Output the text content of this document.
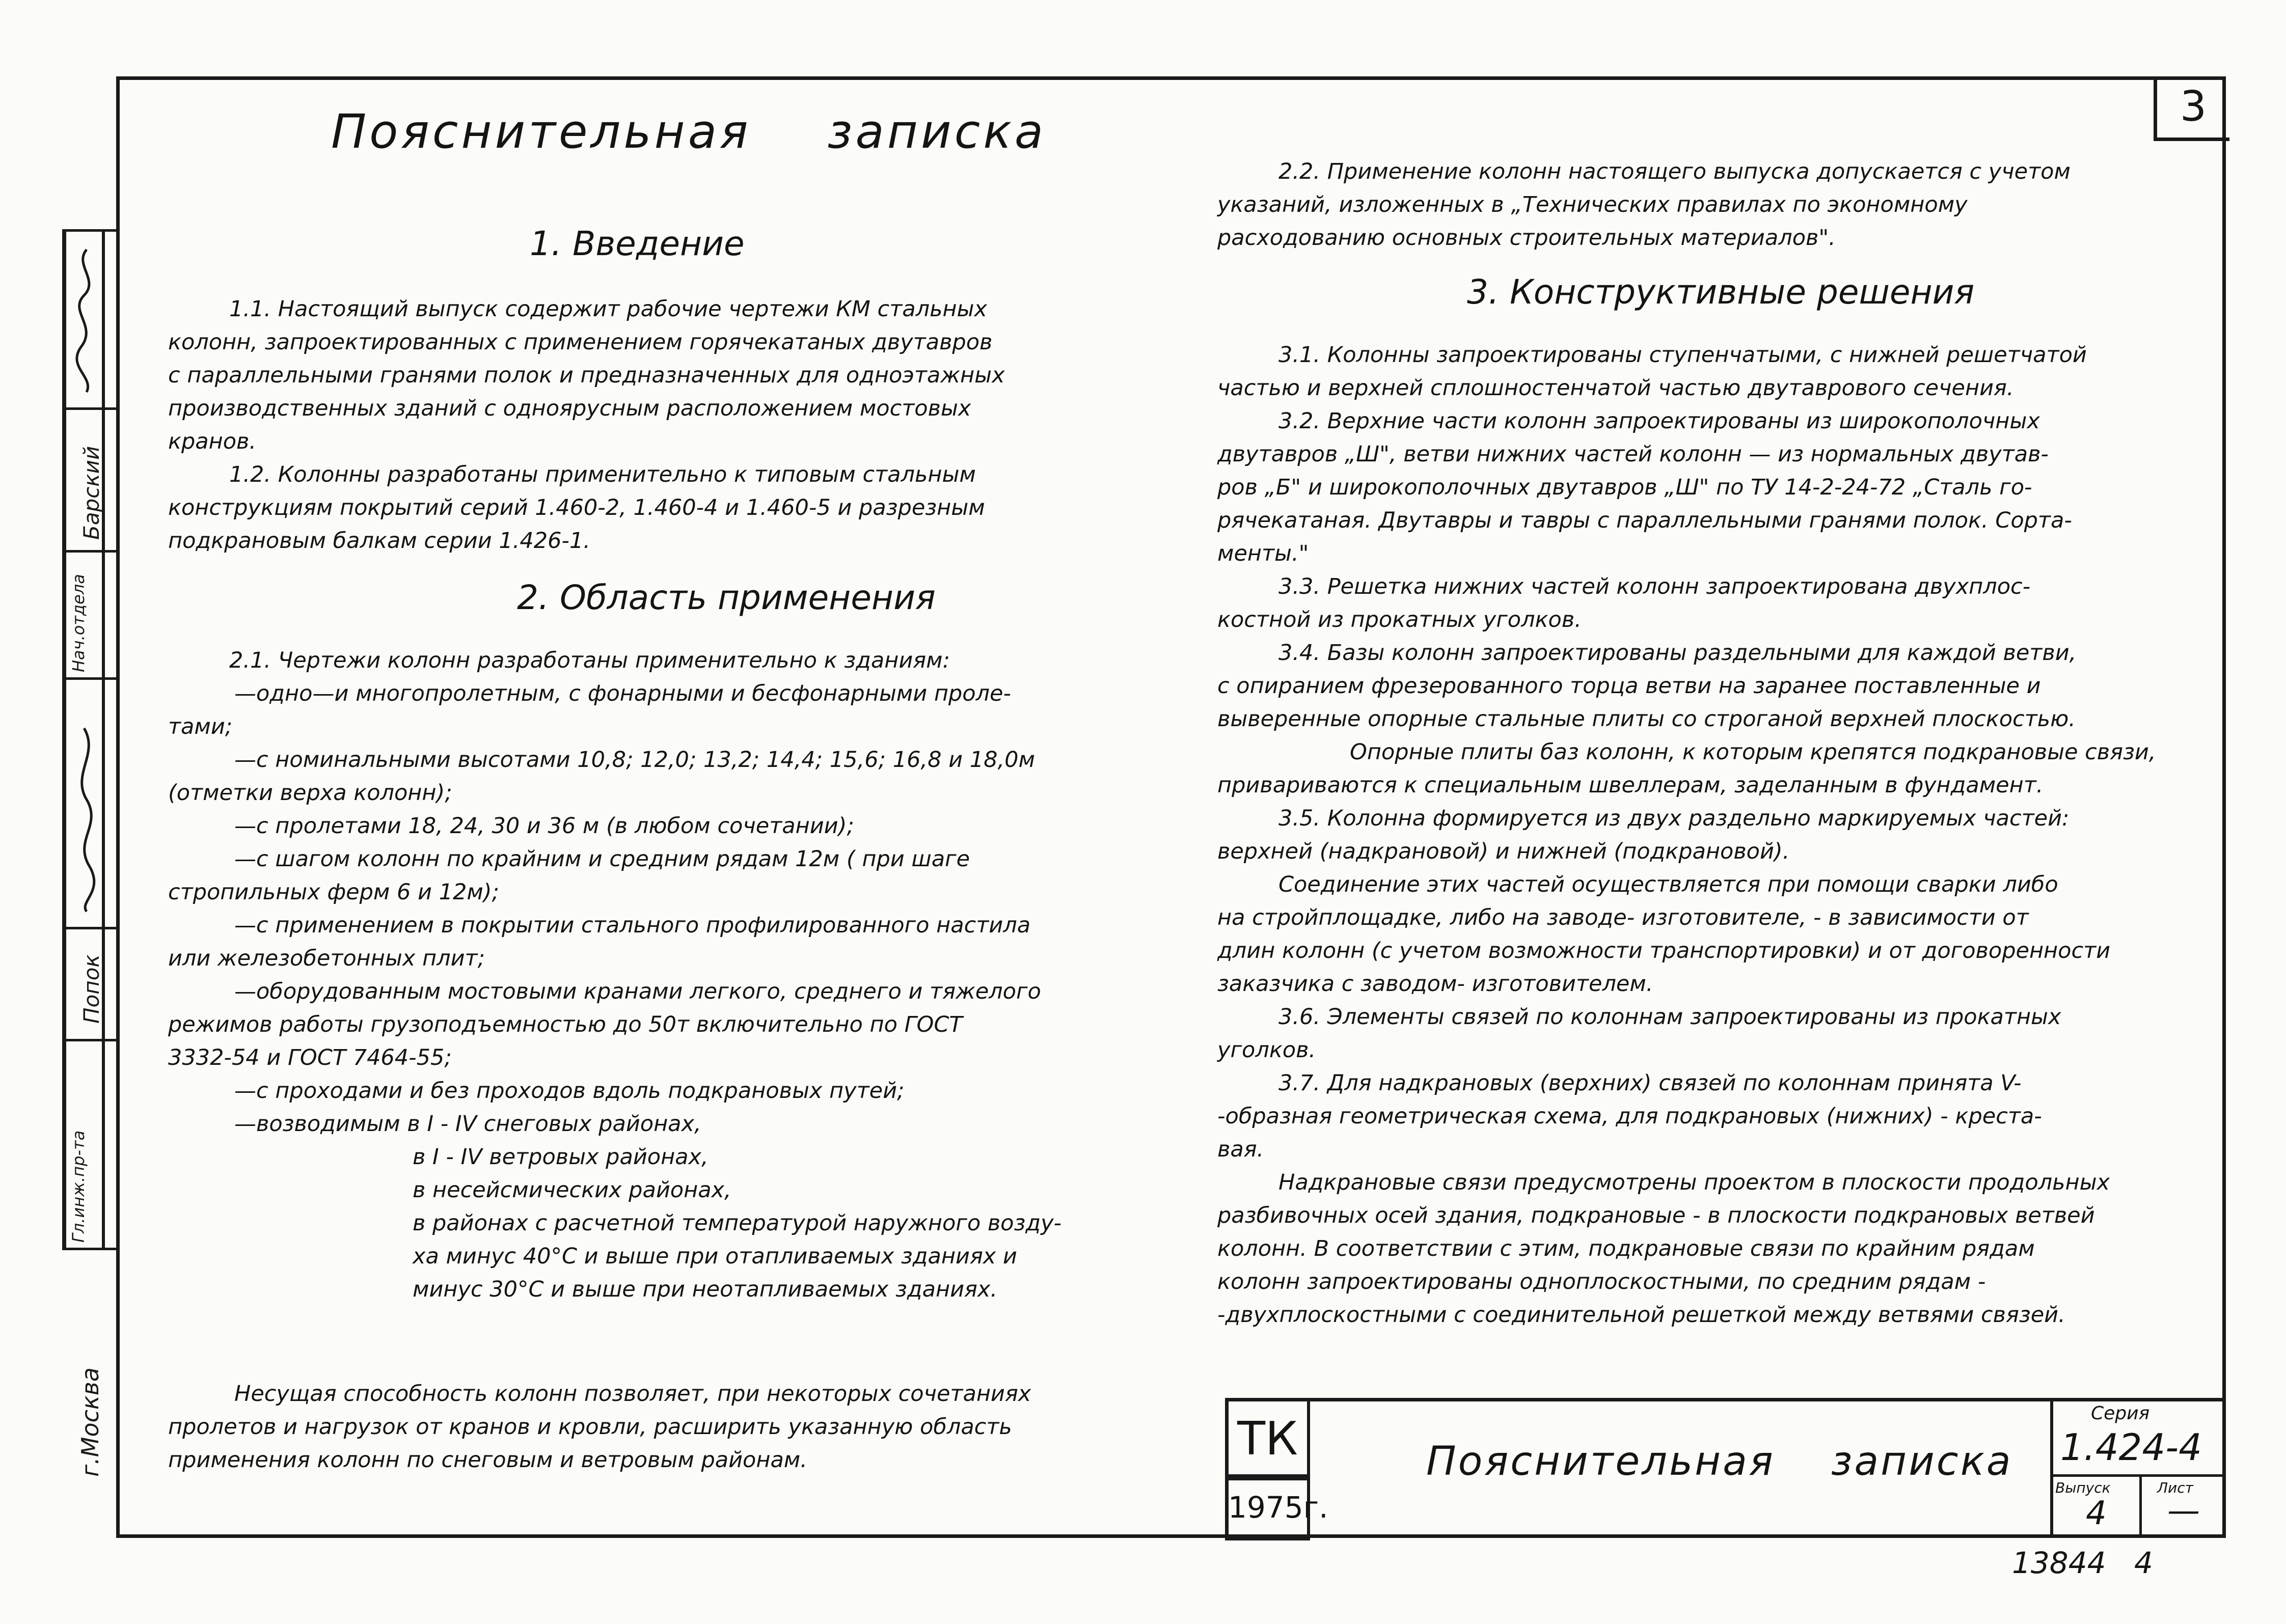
Барский
Попок
Гл.инж.пр-та
Нач.отдела
г.Москва
3
Пояснительная записка
1. Введение
1.1. Настоящий выпуск содержит рабочие чертежи КМ стальных
колонн, запроектированных с применением горячекатаных двутавров
с параллельными гранями полок и предназначенных для одноэтажных
производственных зданий с одноярусным расположением мостовых
кранов.
1.2. Колонны разработаны применительно к типовым стальным
конструкциям покрытий серий 1.460-2, 1.460-4 и 1.460-5 и разрезным
подкрановым балкам серии 1.426-1.
2. Область применения
2.1. Чертежи колонн разработаны применительно к зданиям:
—одно—и многопролетным, с фонарными и бесфонарными проле-
тами;
—с номинальными высотами 10,8; 12,0; 13,2; 14,4; 15,6; 16,8 и 18,0м
(отметки верха колонн);
—с пролетами 18, 24, 30 и 36 м (в любом сочетании);
—с шагом колонн по крайним и средним рядам 12м ( при шаге
стропильных ферм 6 и 12м);
—с применением в покрытии стального профилированного настила
или железобетонных плит;
—оборудованным мостовыми кранами легкого, среднего и тяжелого
режимов работы грузоподъемностью до 50т включительно по ГОСТ
3332-54 и ГОСТ 7464-55;
—с проходами и без проходов вдоль подкрановых путей;
—возводимым в I - IV снеговых районах,
в I - IV ветровых районах,
в несейсмических районах,
в районах с расчетной температурой наружного возду-
ха минус 40°С и выше при отапливаемых зданиях и
минус 30°С и выше при неотапливаемых зданиях.
Несущая способность колонн позволяет, при некоторых сочетаниях
пролетов и нагрузок от кранов и кровли, расширить указанную область
применения колонн по снеговым и ветровым районам.
2.2. Применение колонн настоящего выпуска допускается с учетом
указаний, изложенных в „Технических правилах по экономному
расходованию основных строительных материалов".
3. Конструктивные решения
3.1. Колонны запроектированы ступенчатыми, с нижней решетчатой
частью и верхней сплошностенчатой частью двутаврового сечения.
3.2. Верхние части колонн запроектированы из широкополочных
двутавров „Ш", ветви нижних частей колонн — из нормальных двутав-
ров „Б" и широкополочных двутавров „Ш" по ТУ 14-2-24-72 „Сталь го-
рячекатаная. Двутавры и тавры с параллельными гранями полок. Сорта-
менты."
3.3. Решетка нижних частей колонн запроектирована двухплос-
костной из прокатных уголков.
3.4. Базы колонн запроектированы раздельными для каждой ветви,
с опиранием фрезерованного торца ветви на заранее поставленные и
выверенные опорные стальные плиты со строганой верхней плоскостью.
Опорные плиты баз колонн, к которым крепятся подкрановые связи,
привариваются к специальным швеллерам, заделанным в фундамент.
3.5. Колонна формируется из двух раздельно маркируемых частей:
верхней (надкрановой) и нижней (подкрановой).
Соединение этих частей осуществляется при помощи сварки либо
на стройплощадке, либо на заводе- изготовителе, - в зависимости от
длин колонн (с учетом возможности транспортировки) и от договоренности
заказчика с заводом- изготовителем.
3.6. Элементы связей по колоннам запроектированы из прокатных
уголков.
3.7. Для надкрановых (верхних) связей по колоннам принята V-
-образная геометрическая схема, для подкрановых (нижних) - креста-
вая.
Надкрановые связи предусмотрены проектом в плоскости продольных
разбивочных осей здания, подкрановые - в плоскости подкрановых ветвей
колонн. В соответствии с этим, подкрановые связи по крайним рядам
колонн запроектированы одноплоскостными, по средним рядам -
-двухплоскостными с соединительной решеткой между ветвями связей.
ТК
1975г.
Пояснительная записка
Серия
1.424-4
Выпуск
4
Лист
—
13844   4
